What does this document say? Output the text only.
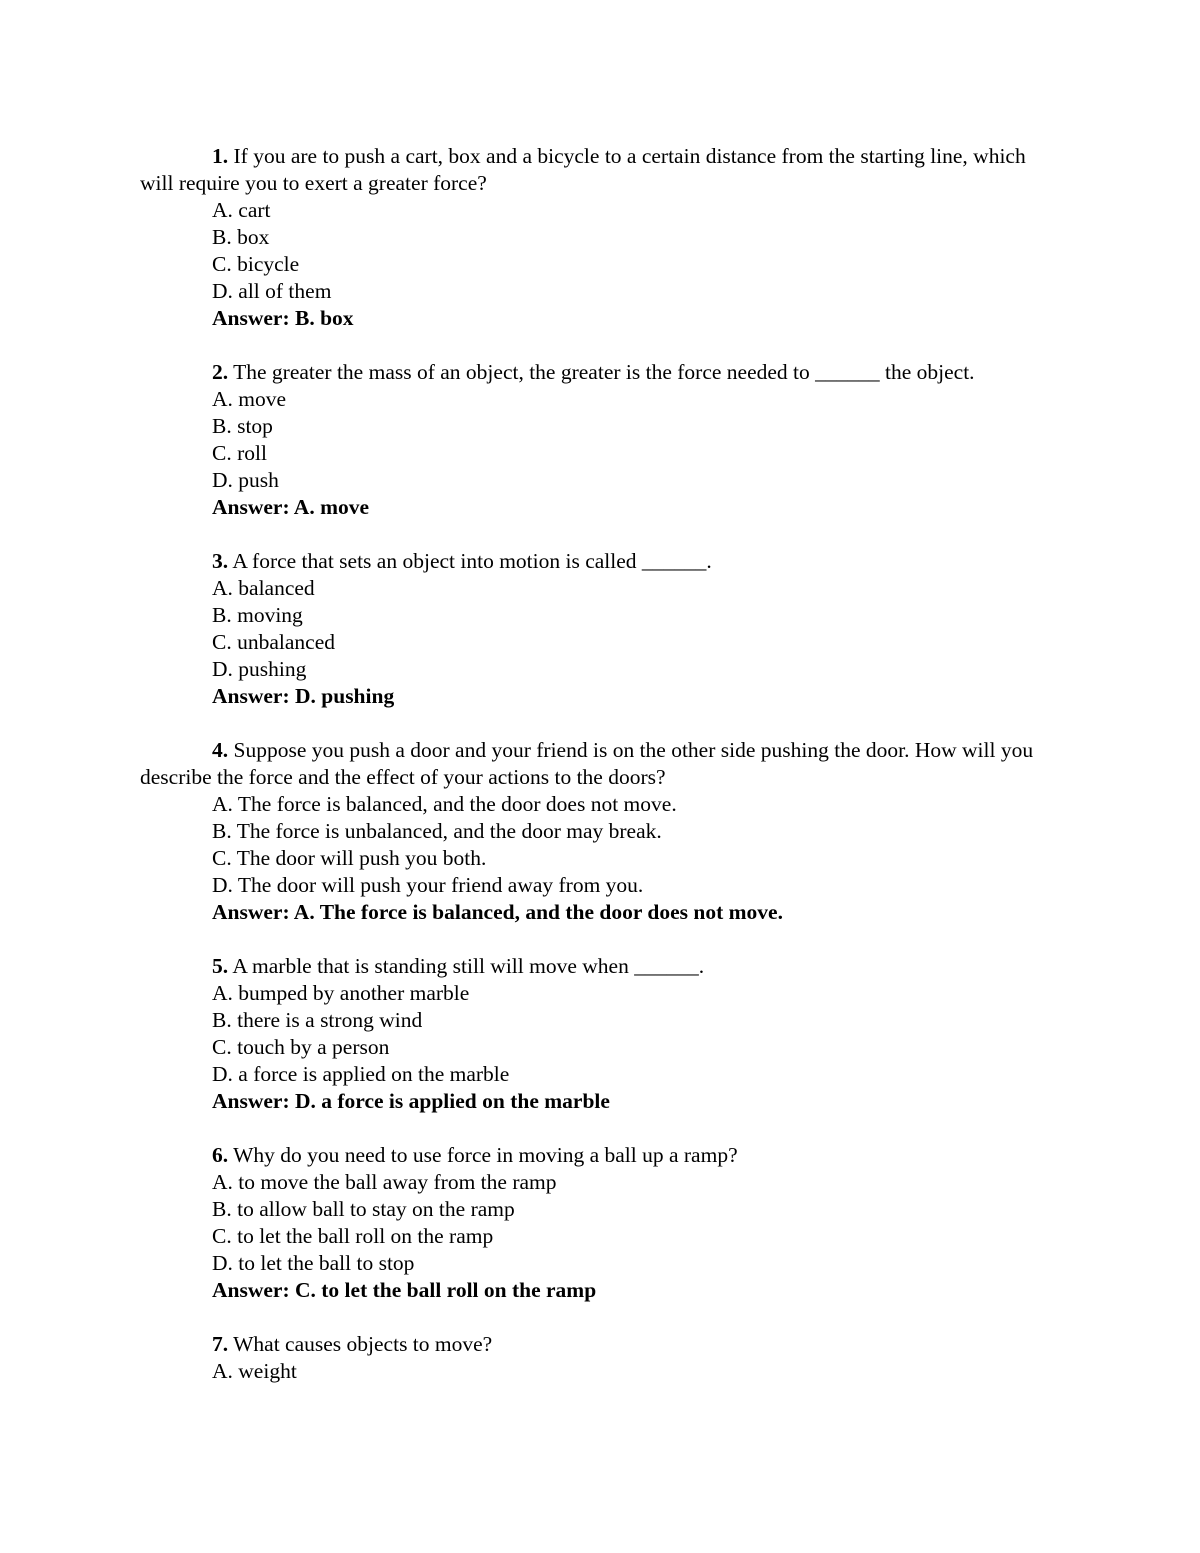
1. If you are to push a cart, box and a bicycle to a certain distance from the starting line, which will require you to exert a greater force?
A. cart
B. box
C. bicycle
D. all of them
Answer: B. box
2. The greater the mass of an object, the greater is the force needed to ______ the object.
A. move
B. stop
C. roll
D. push
Answer: A. move
3. A force that sets an object into motion is called ______.
A. balanced
B. moving
C. unbalanced
D. pushing
Answer: D. pushing
4. Suppose you push a door and your friend is on the other side pushing the door. How will you describe the force and the effect of your actions to the doors?
A. The force is balanced, and the door does not move.
B. The force is unbalanced, and the door may break.
C. The door will push you both.
D. The door will push your friend away from you.
Answer: A. The force is balanced, and the door does not move.
5. A marble that is standing still will move when ______.
A. bumped by another marble
B. there is a strong wind
C. touch by a person
D. a force is applied on the marble
Answer: D. a force is applied on the marble
6. Why do you need to use force in moving a ball up a ramp?
A. to move the ball away from the ramp
B. to allow ball to stay on the ramp
C. to let the ball roll on the ramp
D. to let the ball to stop
Answer: C. to let the ball roll on the ramp
7. What causes objects to move?
A. weight
